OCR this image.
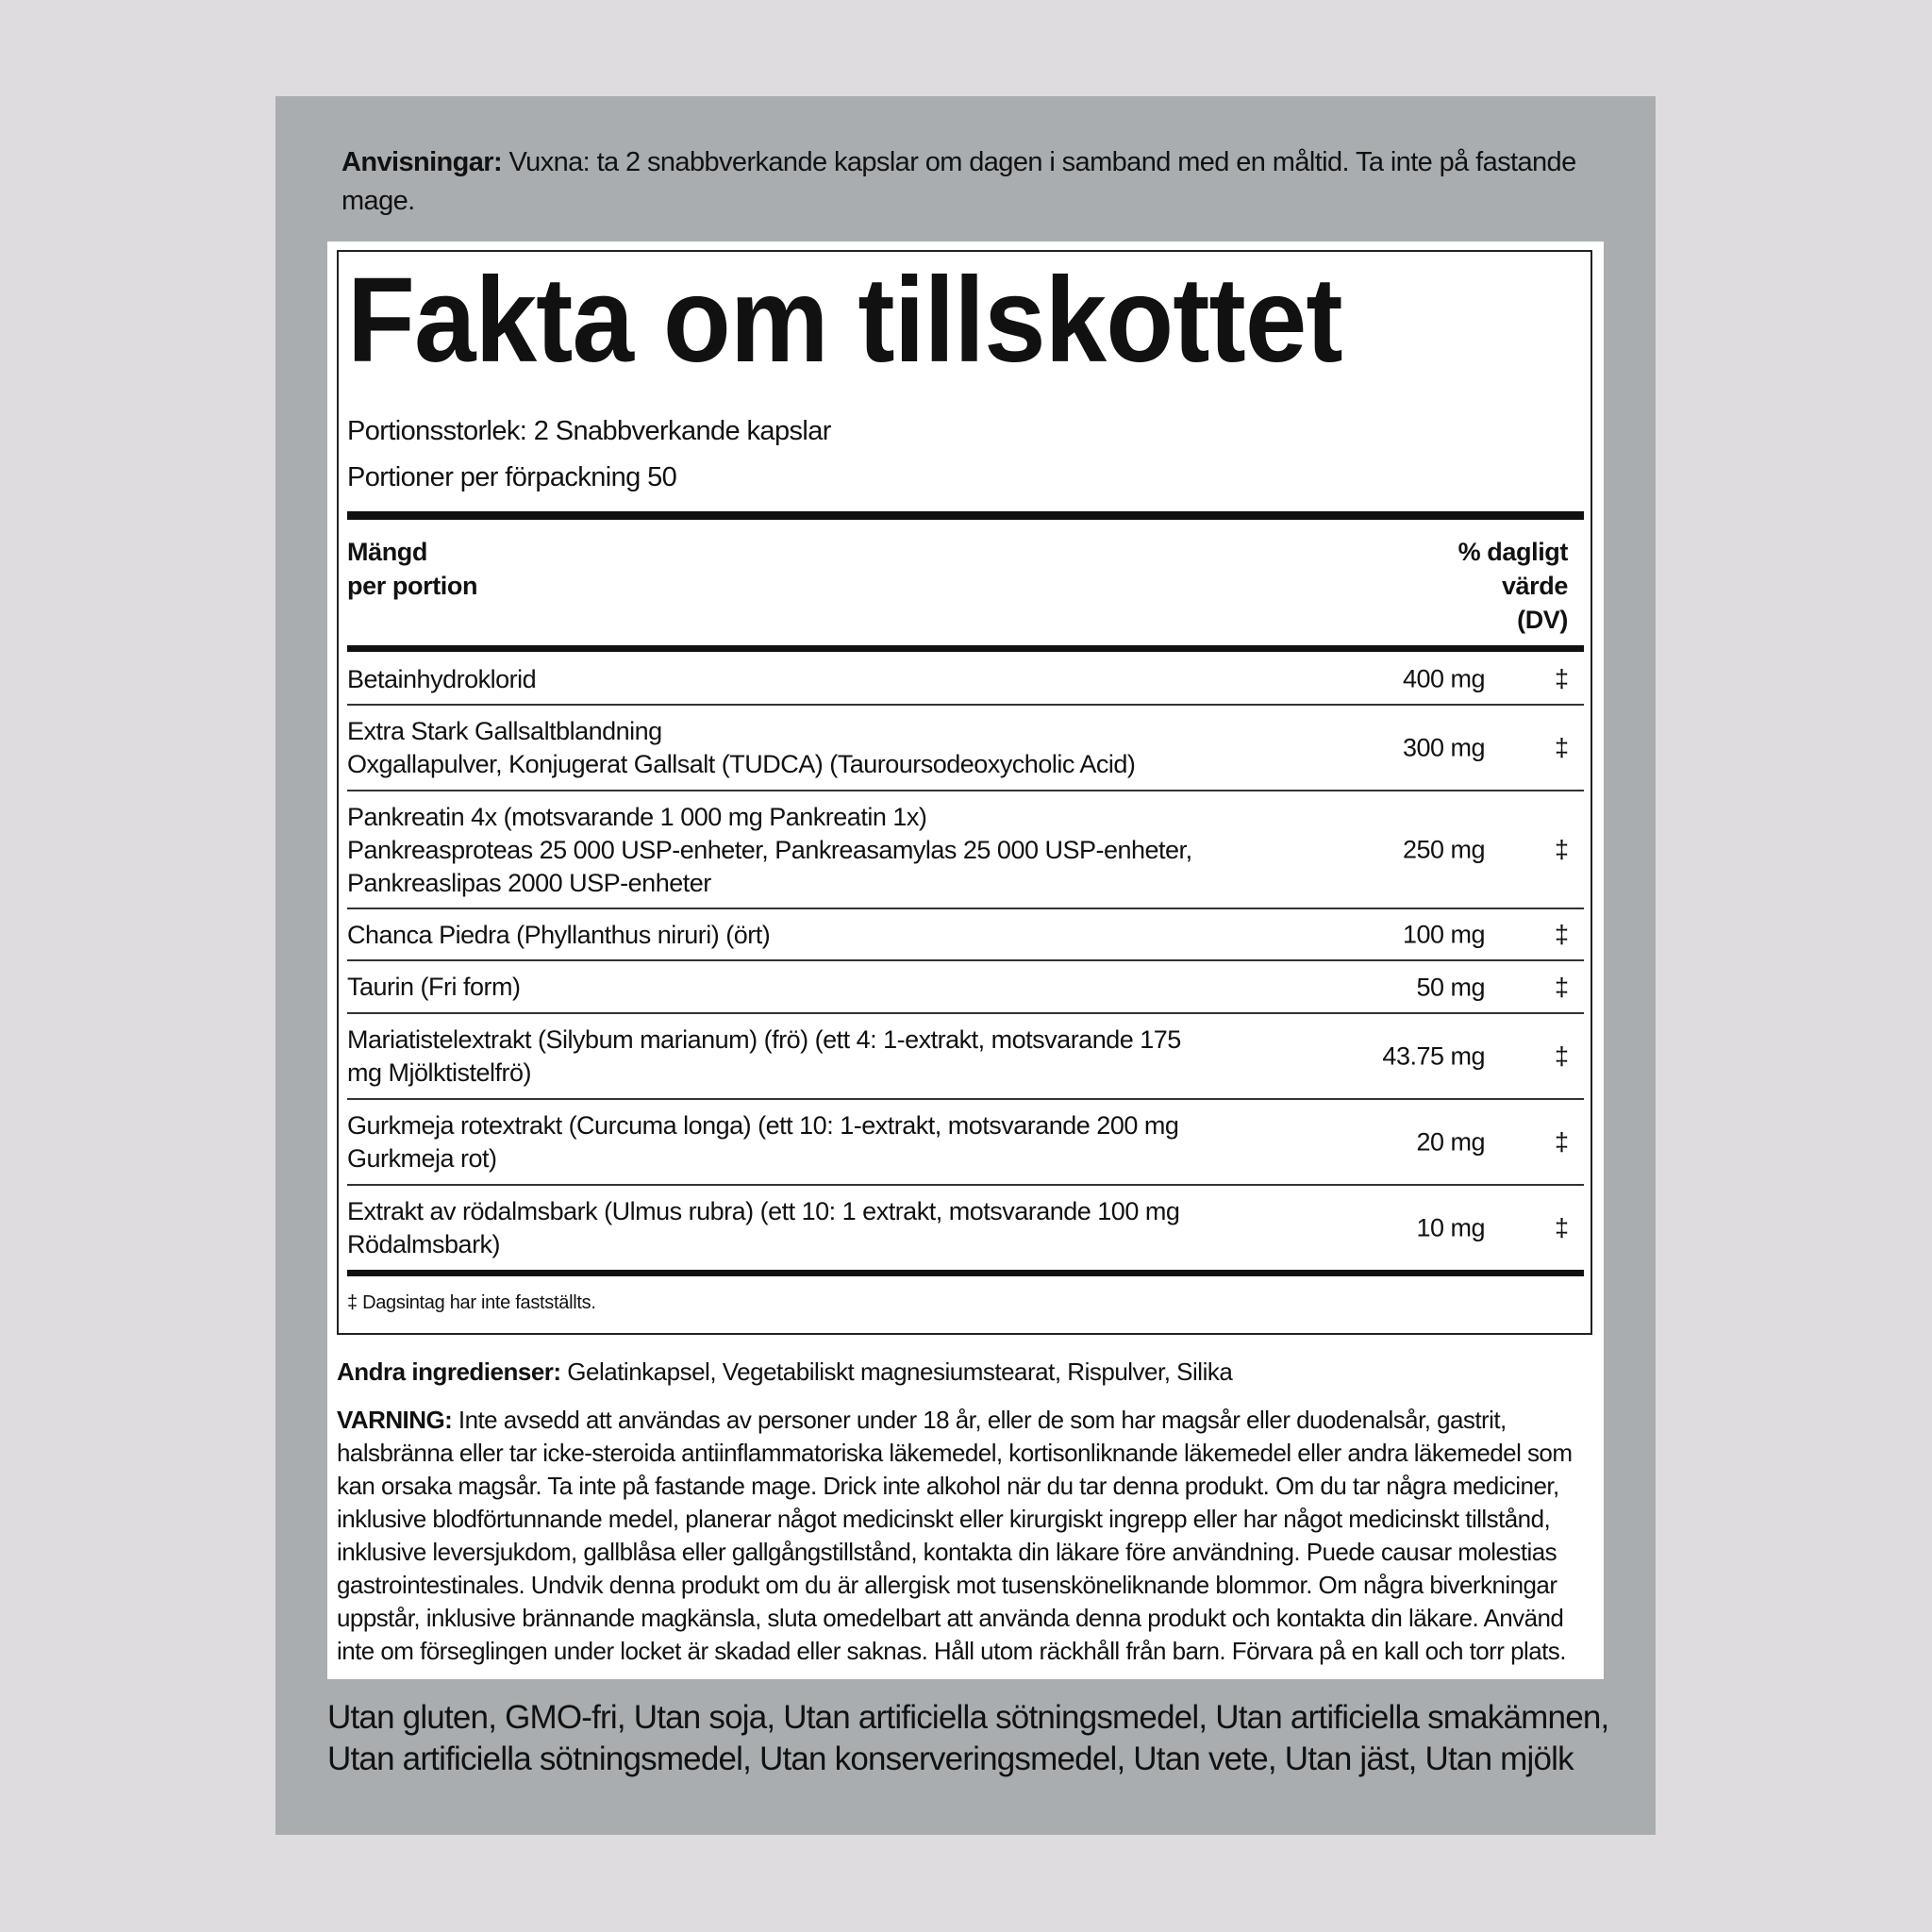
Anvisningar: Vuxna: ta 2 snabbverkande kapslar om dagen i samband med en måltid. Ta inte på fastande mage.
Fakta om tillskottet
Portionsstorlek: 2 Snabbverkande kapslar
Portioner per förpackning 50
Mängd
per portion
% dagligt
värde
(DV)
Betainhydroklorid	400 mg	‡
Extra Stark Gallsaltblandning
Oxgallapulver, Konjugerat Gallsalt (TUDCA) (Tauroursodeoxycholic Acid)
300 mg	‡
Pankreatin 4x (motsvarande 1 000 mg Pankreatin 1x)
Pankreasproteas 25 000 USP-enheter, Pankreasamylas 25 000 USP-enheter,
Pankreaslipas 2000 USP-enheter
250 mg	‡
Chanca Piedra (Phyllanthus niruri) (ört)	100 mg	‡
Taurin (Fri form)	50 mg	‡
Mariatistelextrakt (Silybum marianum) (frö) (ett 4: 1-extrakt, motsvarande 175
mg Mjölktistelfrö)
43.75 mg	‡
Gurkmeja rotextrakt (Curcuma longa) (ett 10: 1-extrakt, motsvarande 200 mg
Gurkmeja rot)
20 mg	‡
Extrakt av rödalmsbark (Ulmus rubra) (ett 10: 1 extrakt, motsvarande 100 mg
Rödalmsbark)
10 mg	‡
‡ Dagsintag har inte fastställts.
Andra ingredienser: Gelatinkapsel, Vegetabiliskt magnesiumstearat, Rispulver, Silika
VARNING: Inte avsedd att användas av personer under 18 år, eller de som har magsår eller duodenalsår, gastrit, halsbränna eller tar icke-steroida antiinflammatoriska läkemedel, kortisonliknande läkemedel eller andra läkemedel som kan orsaka magsår. Ta inte på fastande mage. Drick inte alkohol när du tar denna produkt. Om du tar några mediciner, inklusive blodförtunnande medel, planerar något medicinskt eller kirurgiskt ingrepp eller har något medicinskt tillstånd, inklusive leversjukdom, gallblåsa eller gallgångstillstånd, kontakta din läkare före användning. Puede causar molestias gastrointestinales. Undvik denna produkt om du är allergisk mot tusensköneliknande blommor. Om några biverkningar uppstår, inklusive brännande magkänsla, sluta omedelbart att använda denna produkt och kontakta din läkare. Använd inte om förseglingen under locket är skadad eller saknas. Håll utom räckhåll från barn. Förvara på en kall och torr plats.
Utan gluten, GMO-fri, Utan soja, Utan artificiella sötningsmedel, Utan artificiella smakämnen, Utan artificiella sötningsmedel, Utan konserveringsmedel, Utan vete, Utan jäst, Utan mjölk
